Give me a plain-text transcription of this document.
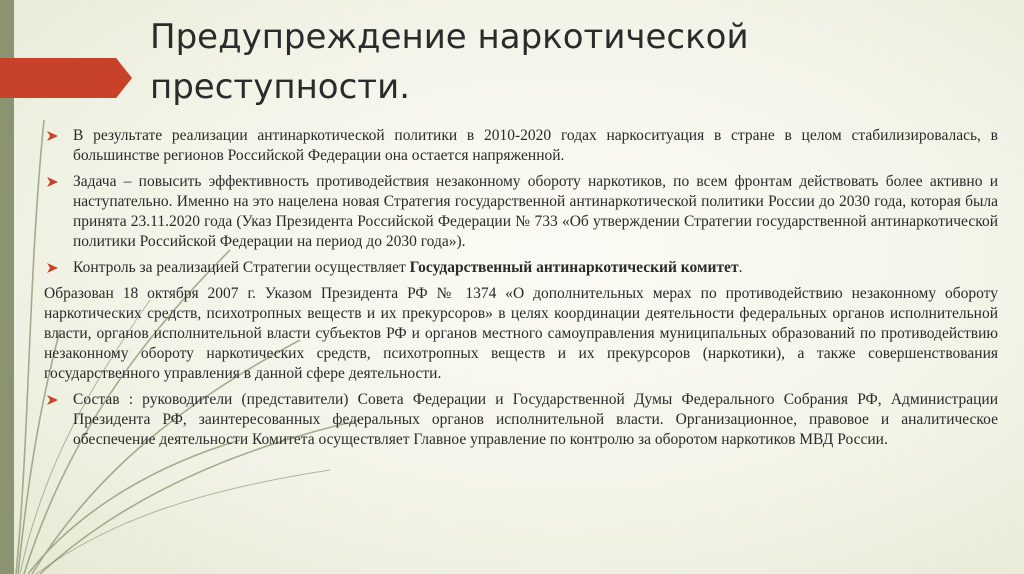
Предупреждение наркотической
преступности.
В результате реализации антинаркотической политики в 2010-2020 годах наркоситуация в стране в целом стабилизировалась, в большинстве регионов Российской Федерации она остается напряженной.
Задача – повысить эффективность противодействия незаконному обороту наркотиков, по всем фронтам действовать более активно и наступательно. Именно на это нацелена новая Стратегия государственной антинаркотической политики России до 2030 года, которая была принята 23.11.2020 года (Указ Президента Российской Федерации № 733 «Об утверждении Стратегии государственной антинаркотической политики Российской Федерации на период до 2030 года»).
Контроль за реализацией Стратегии осуществляет Государственный антинаркотический комитет.
Образован 18 октября 2007 г. Указом Президента РФ № 1374 «О дополнительных мерах по противодействию незаконному обороту наркотических средств, психотропных веществ и их прекурсоров» в целях координации деятельности федеральных органов исполнительной власти, органов исполнительной власти субъектов РФ и органов местного самоуправления муниципальных образований по противодействию незаконному обороту наркотических средств, психотропных веществ и их прекурсоров (наркотики), а также совершенствования государственного управления в данной сфере деятельности.
Состав : руководители (представители) Совета Федерации и Государственной Думы Федерального Собрания РФ, Администрации Президента РФ, заинтересованных федеральных органов исполнительной власти. Организационное, правовое и аналитическое обеспечение деятельности Комитета осуществляет Главное управление по контролю за оборотом наркотиков МВД России.
